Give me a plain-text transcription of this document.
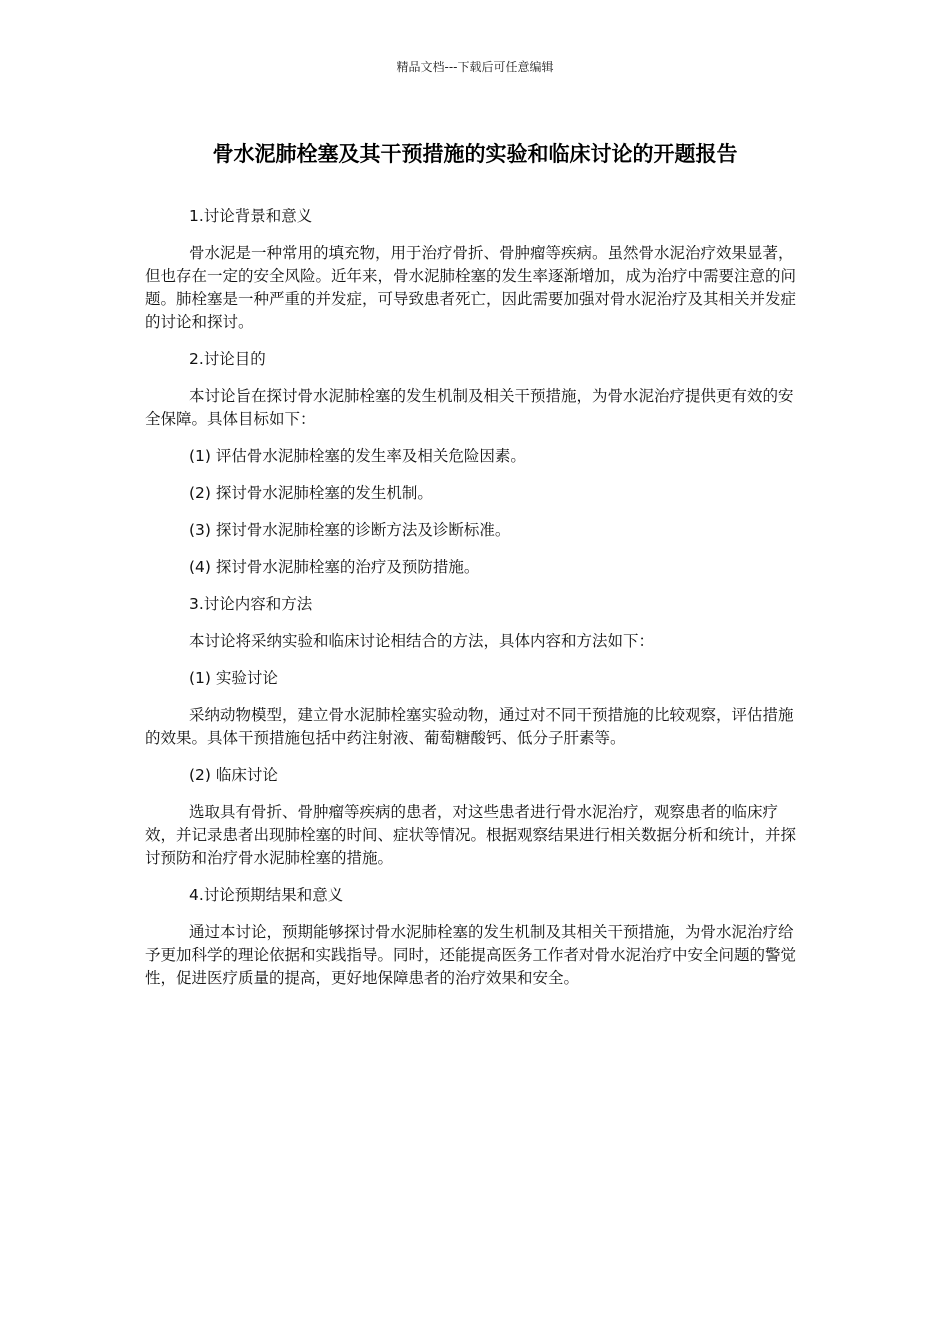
精品文档---下载后可任意编辑
骨水泥肺栓塞及其干预措施的实验和临床讨论的开题报告

1.讨论背景和意义

骨水泥是一种常用的填充物，用于治疗骨折、骨肿瘤等疾病。虽然骨水泥治疗效果显著，但也存在一定的安全风险。近年来，骨水泥肺栓塞的发生率逐渐增加，成为治疗中需要注意的问题。肺栓塞是一种严重的并发症，可导致患者死亡，因此需要加强对骨水泥治疗及其相关并发症的讨论和探讨。

2.讨论目的

本讨论旨在探讨骨水泥肺栓塞的发生机制及相关干预措施，为骨水泥治疗提供更有效的安全保障。具体目标如下：

(1) 评估骨水泥肺栓塞的发生率及相关危险因素。

(2) 探讨骨水泥肺栓塞的发生机制。

(3) 探讨骨水泥肺栓塞的诊断方法及诊断标准。

(4) 探讨骨水泥肺栓塞的治疗及预防措施。

3.讨论内容和方法

本讨论将采纳实验和临床讨论相结合的方法，具体内容和方法如下：

(1) 实验讨论

采纳动物模型，建立骨水泥肺栓塞实验动物，通过对不同干预措施的比较观察，评估措施的效果。具体干预措施包括中药注射液、葡萄糖酸钙、低分子肝素等。

(2) 临床讨论

选取具有骨折、骨肿瘤等疾病的患者，对这些患者进行骨水泥治疗，观察患者的临床疗效，并记录患者出现肺栓塞的时间、症状等情况。根据观察结果进行相关数据分析和统计，并探讨预防和治疗骨水泥肺栓塞的措施。

4.讨论预期结果和意义

通过本讨论，预期能够探讨骨水泥肺栓塞的发生机制及其相关干预措施，为骨水泥治疗给予更加科学的理论依据和实践指导。同时，还能提高医务工作者对骨水泥治疗中安全问题的警觉性，促进医疗质量的提高，更好地保障患者的治疗效果和安全。
